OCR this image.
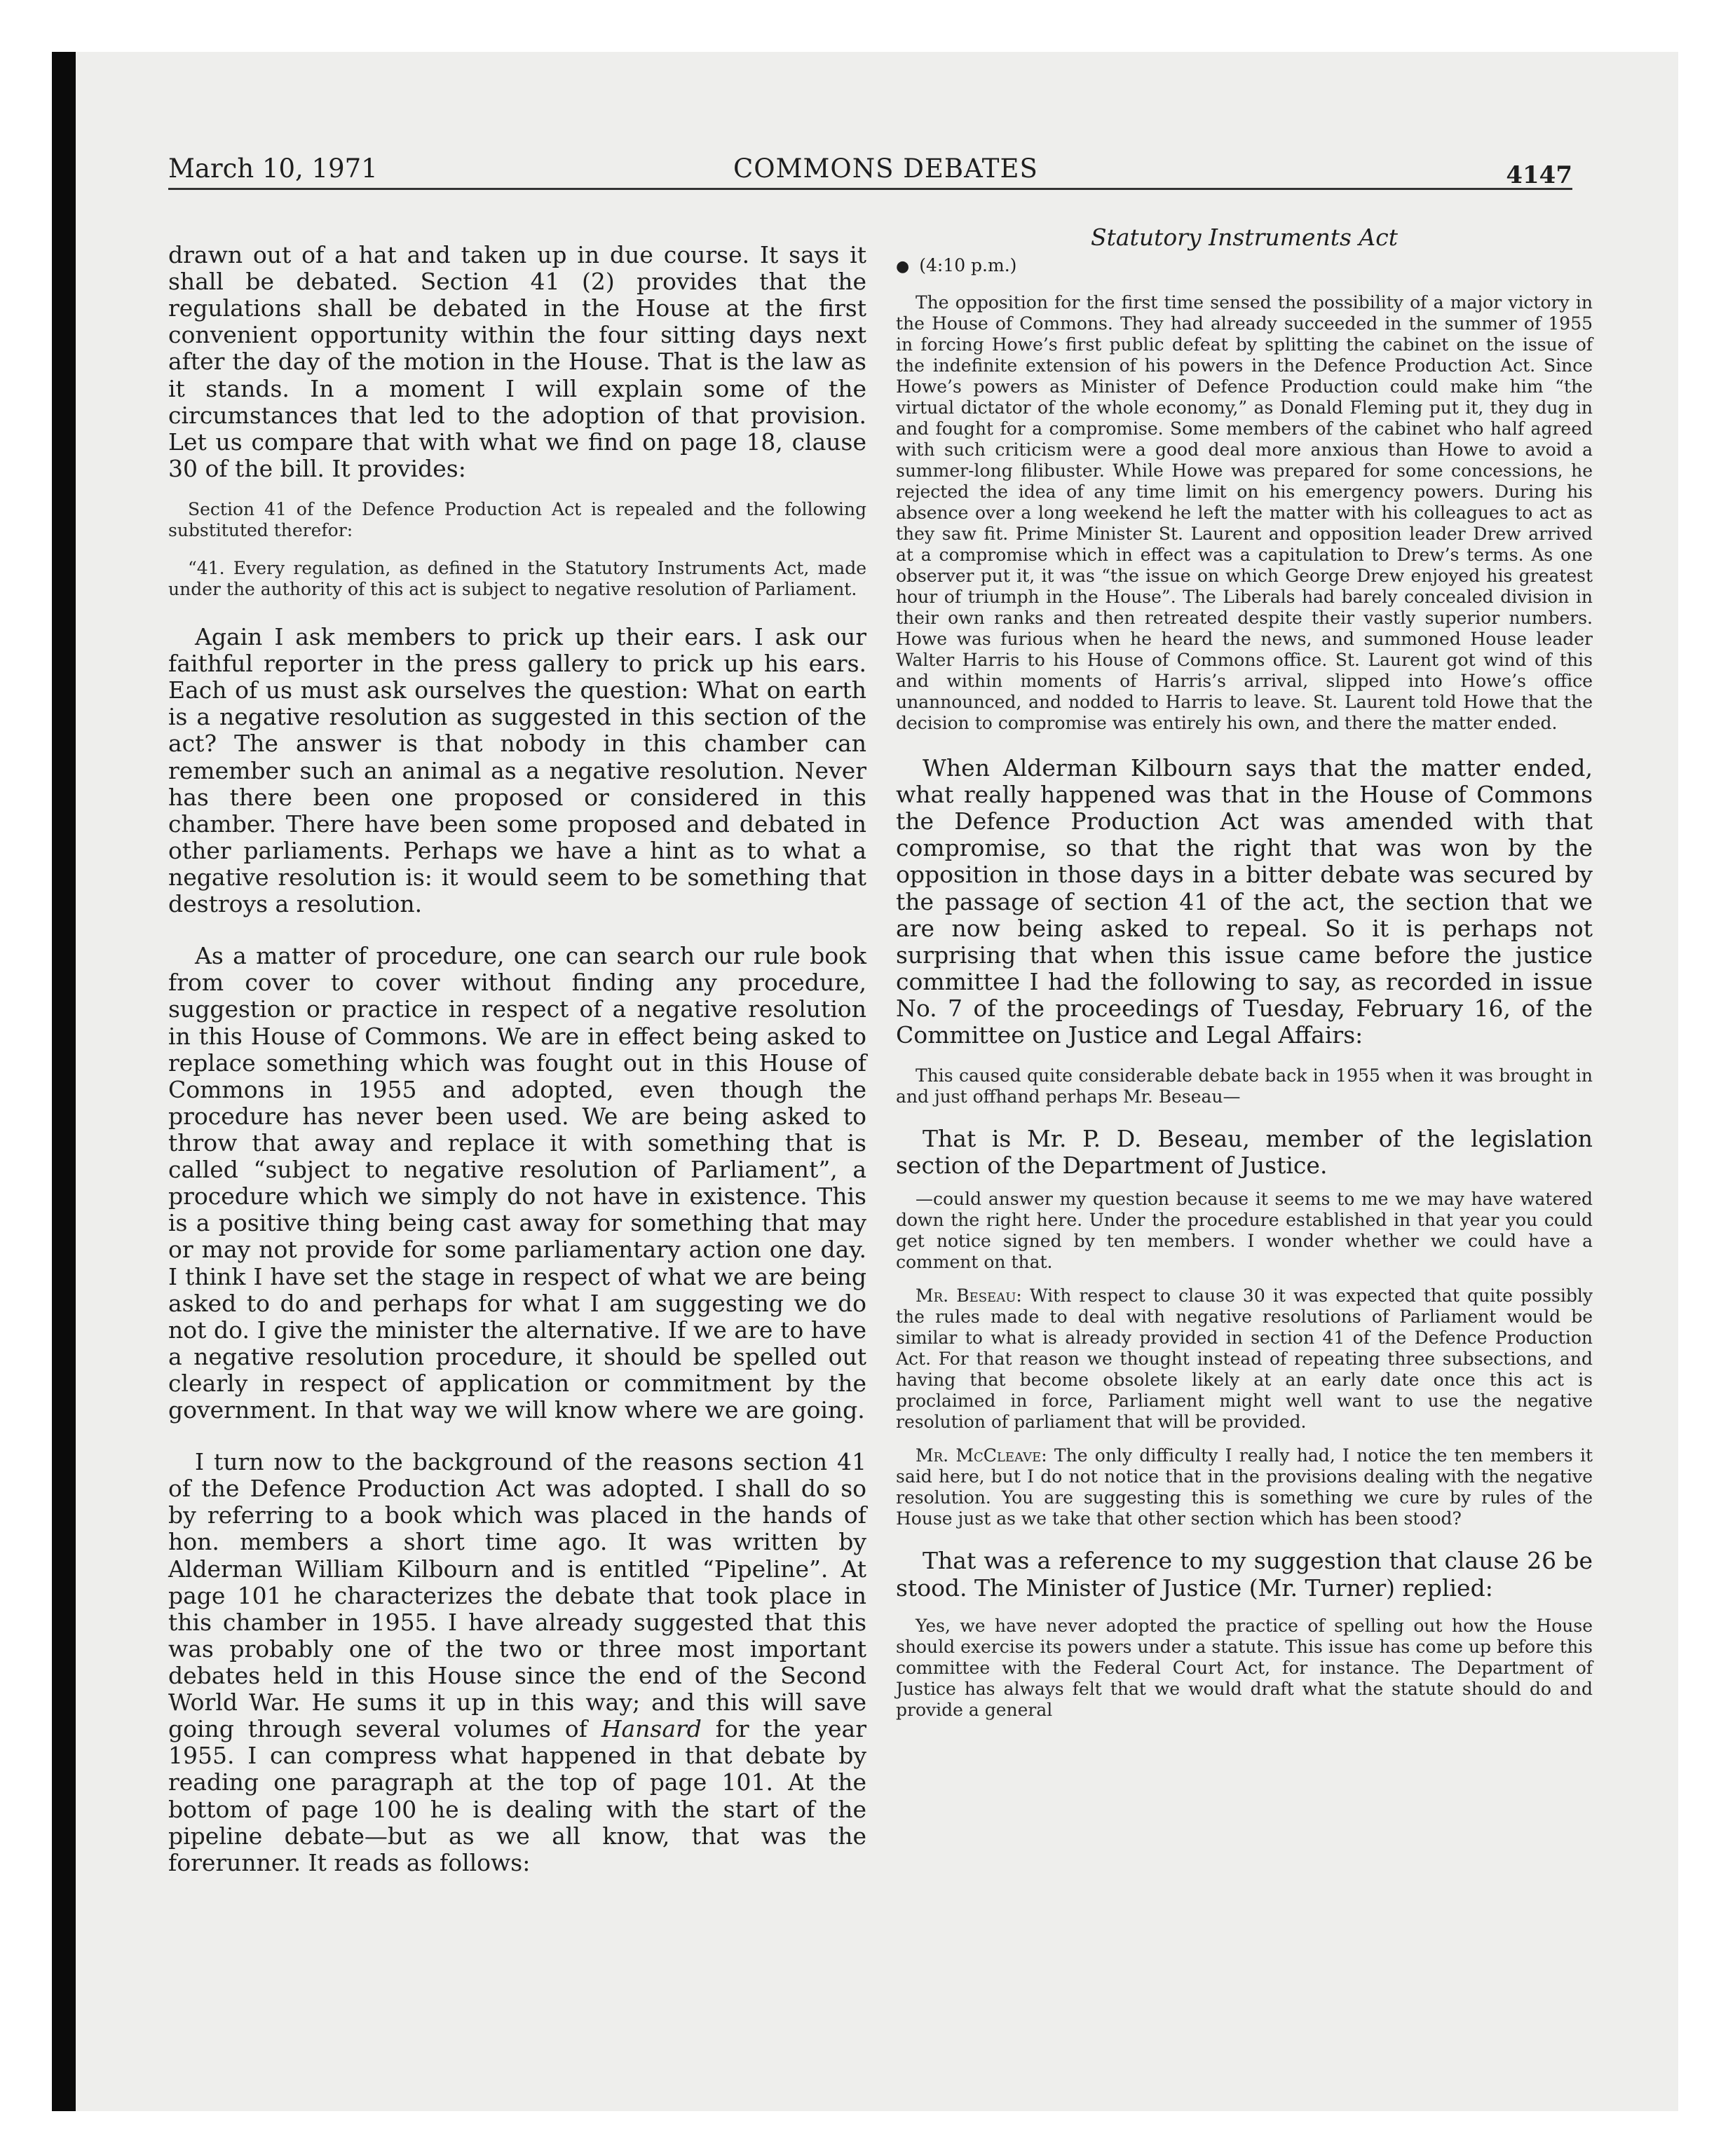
March 10, 1971	COMMONS DEBATES	4147

drawn out of a hat and taken up in due course. It says it shall be debated. Section 41 (2) provides that the regulations shall be debated in the House at the first convenient opportunity within the four sitting days next after the day of the motion in the House. That is the law as it stands. In a moment I will explain some of the circumstances that led to the adoption of that provision. Let us compare that with what we find on page 18, clause 30 of the bill. It provides:

Section 41 of the Defence Production Act is repealed and the following substituted therefor:

“41. Every regulation, as defined in the Statutory Instruments Act, made under the authority of this act is subject to negative resolution of Parliament.

Again I ask members to prick up their ears. I ask our faithful reporter in the press gallery to prick up his ears. Each of us must ask ourselves the question: What on earth is a negative resolution as suggested in this section of the act? The answer is that nobody in this chamber can remember such an animal as a negative resolution. Never has there been one proposed or considered in this chamber. There have been some proposed and debated in other parliaments. Perhaps we have a hint as to what a negative resolution is: it would seem to be something that destroys a resolution.

As a matter of procedure, one can search our rule book from cover to cover without finding any procedure, suggestion or practice in respect of a negative resolution in this House of Commons. We are in effect being asked to replace something which was fought out in this House of Commons in 1955 and adopted, even though the procedure has never been used. We are being asked to throw that away and replace it with something that is called “subject to negative resolution of Parliament”, a procedure which we simply do not have in existence. This is a positive thing being cast away for something that may or may not provide for some parliamentary action one day. I think I have set the stage in respect of what we are being asked to do and perhaps for what I am suggesting we do not do. I give the minister the alternative. If we are to have a negative resolution procedure, it should be spelled out clearly in respect of application or commitment by the government. In that way we will know where we are going.

I turn now to the background of the reasons section 41 of the Defence Production Act was adopted. I shall do so by referring to a book which was placed in the hands of hon. members a short time ago. It was written by Alderman William Kilbourn and is entitled “Pipeline”. At page 101 he characterizes the debate that took place in this chamber in 1955. I have already suggested that this was probably one of the two or three most important debates held in this House since the end of the Second World War. He sums it up in this way; and this will save going through several volumes of Hansard for the year 1955. I can compress what happened in that debate by reading one paragraph at the top of page 101. At the bottom of page 100 he is dealing with the start of the pipeline debate—but as we all know, that was the forerunner. It reads as follows:

Statutory Instruments Act
● (4:10 p.m.)

The opposition for the first time sensed the possibility of a major victory in the House of Commons. They had already succeeded in the summer of 1955 in forcing Howe’s first public defeat by splitting the cabinet on the issue of the indefinite extension of his powers in the Defence Production Act. Since Howe’s powers as Minister of Defence Production could make him “the virtual dictator of the whole economy,” as Donald Fleming put it, they dug in and fought for a compromise. Some members of the cabinet who half agreed with such criticism were a good deal more anxious than Howe to avoid a summer-long filibuster. While Howe was prepared for some concessions, he rejected the idea of any time limit on his emergency powers. During his absence over a long weekend he left the matter with his colleagues to act as they saw fit. Prime Minister St. Laurent and opposition leader Drew arrived at a compromise which in effect was a capitulation to Drew’s terms. As one observer put it, it was “the issue on which George Drew enjoyed his greatest hour of triumph in the House”. The Liberals had barely concealed division in their own ranks and then retreated despite their vastly superior numbers. Howe was furious when he heard the news, and summoned House leader Walter Harris to his House of Commons office. St. Laurent got wind of this and within moments of Harris’s arrival, slipped into Howe’s office unannounced, and nodded to Harris to leave. St. Laurent told Howe that the decision to compromise was entirely his own, and there the matter ended.

When Alderman Kilbourn says that the matter ended, what really happened was that in the House of Commons the Defence Production Act was amended with that compromise, so that the right that was won by the opposition in those days in a bitter debate was secured by the passage of section 41 of the act, the section that we are now being asked to repeal. So it is perhaps not surprising that when this issue came before the justice committee I had the following to say, as recorded in issue No. 7 of the proceedings of Tuesday, February 16, of the Committee on Justice and Legal Affairs:

This caused quite considerable debate back in 1955 when it was brought in and just offhand perhaps Mr. Beseau—

That is Mr. P. D. Beseau, member of the legislation section of the Department of Justice.

—could answer my question because it seems to me we may have watered down the right here. Under the procedure established in that year you could get notice signed by ten members. I wonder whether we could have a comment on that.

Mr. Beseau: With respect to clause 30 it was expected that quite possibly the rules made to deal with negative resolutions of Parliament would be similar to what is already provided in section 41 of the Defence Production Act. For that reason we thought instead of repeating three subsections, and having that become obsolete likely at an early date once this act is proclaimed in force, Parliament might well want to use the negative resolution of parliament that will be provided.

Mr. McCleave: The only difficulty I really had, I notice the ten members it said here, but I do not notice that in the provisions dealing with the negative resolution. You are suggesting this is something we cure by rules of the House just as we take that other section which has been stood?

That was a reference to my suggestion that clause 26 be stood. The Minister of Justice (Mr. Turner) replied:

Yes, we have never adopted the practice of spelling out how the House should exercise its powers under a statute. This issue has come up before this committee with the Federal Court Act, for instance. The Department of Justice has always felt that we would draft what the statute should do and provide a general
